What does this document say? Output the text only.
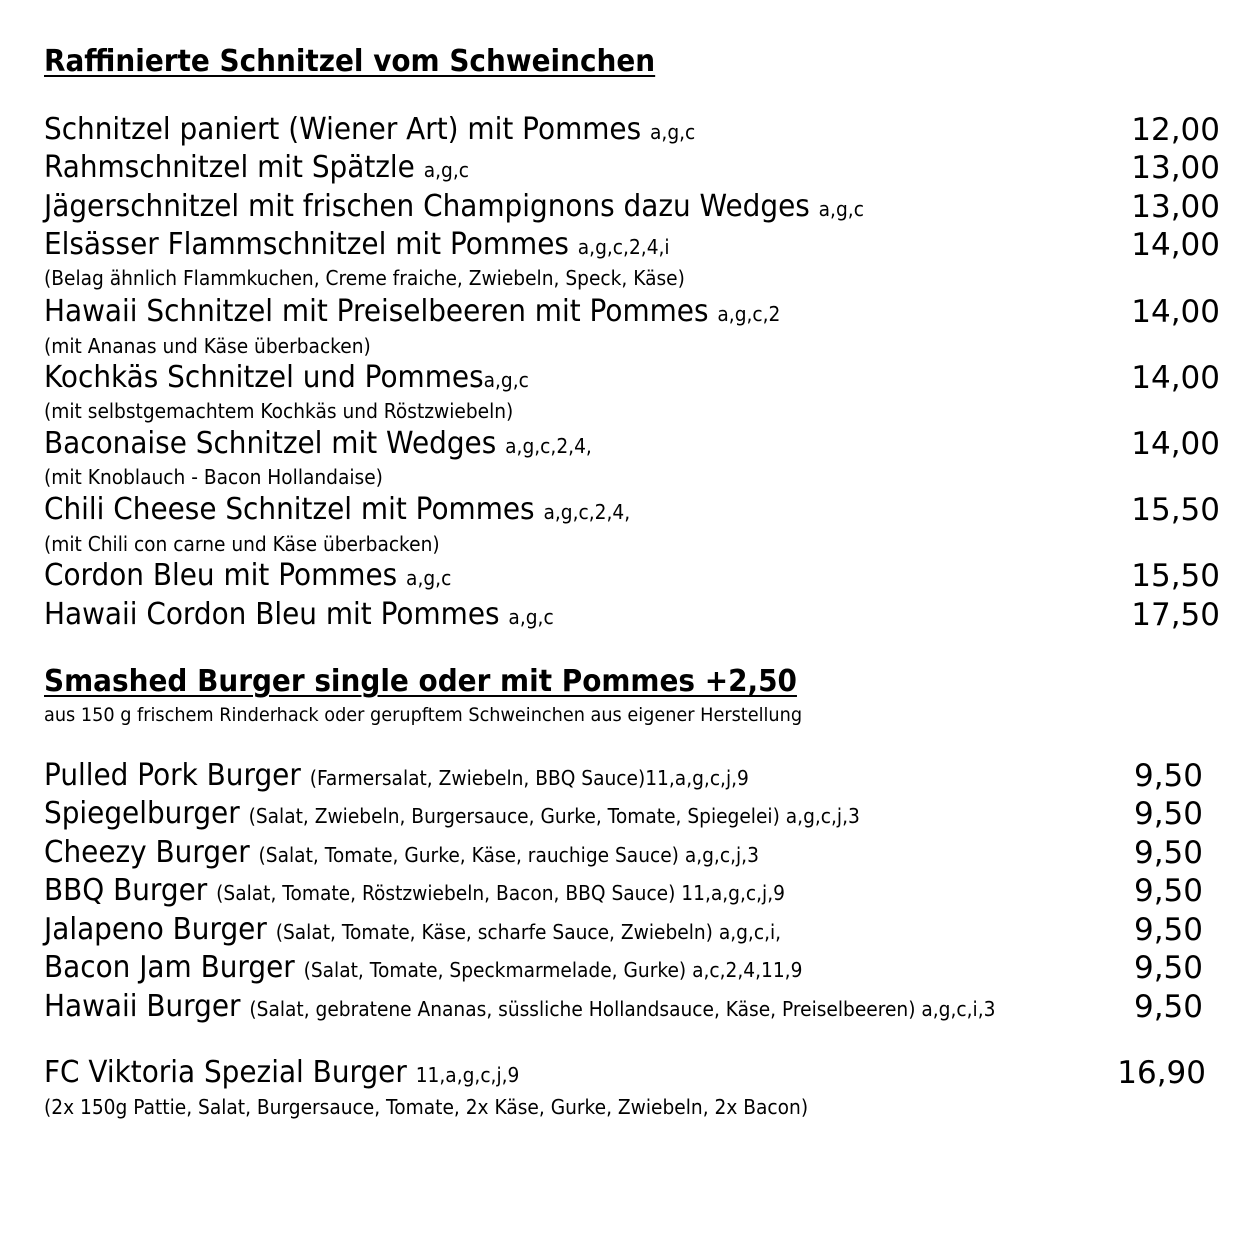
Raffinierte Schnitzel vom Schweinchen
Schnitzel paniert (Wiener Art) mit Pommes a,g,c	12,00
Rahmschnitzel mit Spätzle a,g,c	13,00
Jägerschnitzel mit frischen Champignons dazu Wedges a,g,c	13,00
Elsässer Flammschnitzel mit Pommes a,g,c,2,4,i	14,00
(Belag ähnlich Flammkuchen, Creme fraiche, Zwiebeln, Speck, Käse)
Hawaii Schnitzel mit Preiselbeeren mit Pommes a,g,c,2	14,00
(mit Ananas und Käse überbacken)
Kochkäs Schnitzel und Pommesa,g,c	14,00
(mit selbstgemachtem Kochkäs und Röstzwiebeln)
Baconaise Schnitzel mit Wedges a,g,c,2,4,	14,00
(mit Knoblauch - Bacon Hollandaise)
Chili Cheese Schnitzel mit Pommes a,g,c,2,4,	15,50
(mit Chili con carne und Käse überbacken)
Cordon Bleu mit Pommes a,g,c	15,50
Hawaii Cordon Bleu mit Pommes a,g,c	17,50
Smashed Burger single oder mit Pommes +2,50
aus 150 g frischem Rinderhack oder gerupftem Schweinchen aus eigener Herstellung
Pulled Pork Burger (Farmersalat, Zwiebeln, BBQ Sauce)11,a,g,c,j,9	9,50
Spiegelburger (Salat, Zwiebeln, Burgersauce, Gurke, Tomate, Spiegelei) a,g,c,j,3	9,50
Cheezy Burger (Salat, Tomate, Gurke, Käse, rauchige Sauce) a,g,c,j,3	9,50
BBQ Burger (Salat, Tomate, Röstzwiebeln, Bacon, BBQ Sauce) 11,a,g,c,j,9	9,50
Jalapeno Burger (Salat, Tomate, Käse, scharfe Sauce, Zwiebeln) a,g,c,i,	9,50
Bacon Jam Burger (Salat, Tomate, Speckmarmelade, Gurke) a,c,2,4,11,9	9,50
Hawaii Burger (Salat, gebratene Ananas, süssliche Hollandsauce, Käse, Preiselbeeren) a,g,c,i,3	9,50
FC Viktoria Spezial Burger 11,a,g,c,j,9	16,90
(2x 150g Pattie, Salat, Burgersauce, Tomate, 2x Käse, Gurke, Zwiebeln, 2x Bacon)
